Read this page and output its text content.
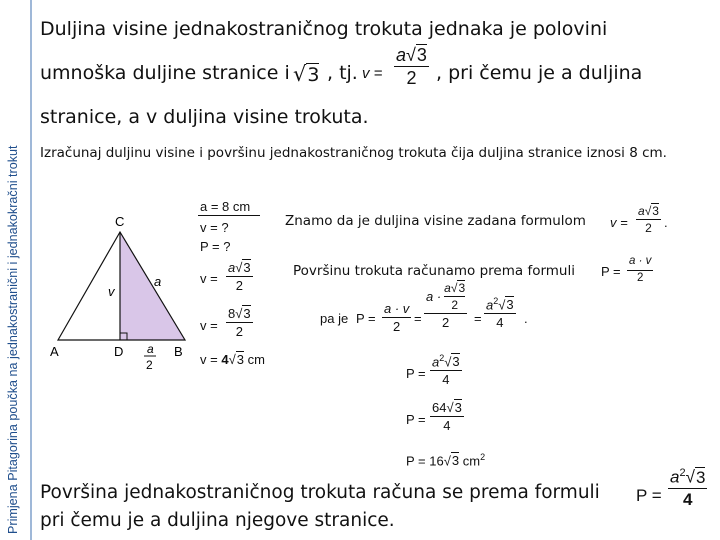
Primjena Pitagorina poučka na jednakostranični i jednakokračni trokut
Duljina visine jednakostraničnog trokuta jednaka je polovini
umnoška duljine stranice i √3 , tj. v =
a√3
2 , pri čemu je a duljina
stranice, a v duljina visine trokuta.
Izračunaj duljinu visine i površinu jednakostraničnog trokuta čija duljina stranice iznosi 8 cm.
C
A	D	B
a
v
a
2
a = 8 cm
v = ?
P = ?
v =
a√3
2
v =
8√3
2
v = 4√3 cm
Znamo da je duljina visine zadana formulom v =
a√3
2 .
Površinu trokuta računamo prema formuli P =
a · v
2
pa je P =
a · v
2
=
a ·
a√3
2
2 =
$a^2√3$
4 .
P =
$a^2√3$
4
P =
64√3
4
P = 16√3 $cm^2$
Površina jednakostraničnog trokuta računa se prema formuli
pri čemu je a duljina njegove stranice.
P =
$a^2√3$
4
